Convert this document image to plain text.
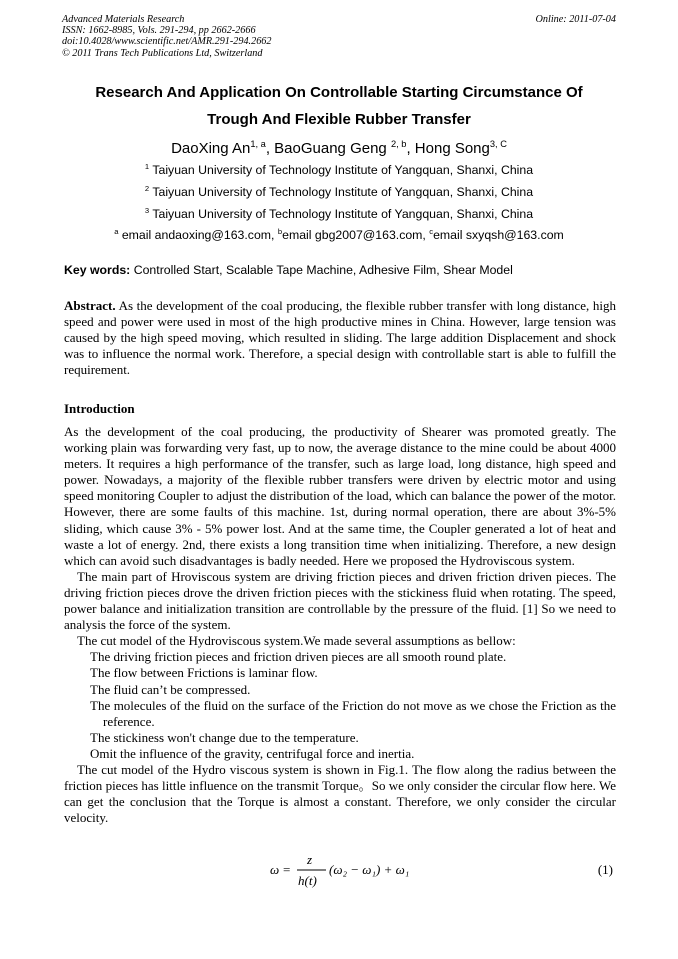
Advanced Materials Research
ISSN: 1662-8985, Vols. 291-294, pp 2662-2666
doi:10.4028/www.scientific.net/AMR.291-294.2662
© 2011 Trans Tech Publications Ltd, Switzerland
Online: 2011-07-04
Research And Application On Controllable Starting Circumstance Of
Trough And Flexible Rubber Transfer
DaoXing An$^{1, a}$, BaoGuang Geng $^{2, b}$, Hong Song$^{3, C}$
$^1$ Taiyuan University of Technology Institute of Yangquan, Shanxi, China
$^2$ Taiyuan University of Technology Institute of Yangquan, Shanxi, China
$^3$ Taiyuan University of Technology Institute of Yangquan, Shanxi, China
$^a$ email andaoxing@163.com, $^b$email gbg2007@163.com, $^c$email sxyqsh@163.com
Key words: Controlled Start, Scalable Tape Machine, Adhesive Film, Shear Model
Abstract. As the development of the coal producing, the flexible rubber transfer with long distance, high speed and power were used in most of the high productive mines in China. However, large tension was caused by the high speed moving, which resulted in sliding. The large addition Displacement and shock was to influence the normal work. Therefore, a special design with controllable start is able to fulfill the requirement.
Introduction

As the development of the coal producing, the productivity of Shearer was promoted greatly. The working plain was forwarding very fast, up to now, the average distance to the mine could be about 4000 meters. It requires a high performance of the transfer, such as large load, long distance, high speed and power. Nowadays, a majority of the flexible rubber transfers were driven by electric motor and using speed monitoring Coupler to adjust the distribution of the load, which can balance the power of the motor. However, there are some faults of this machine. 1st, during normal operation, there are about 3%-5% sliding, which cause 3% - 5% power lost. And at the same time, the Coupler generated a lot of heat and waste a lot of energy. 2nd, there exists a long transition time when initializing. Therefore, a new design which can avoid such disadvantages is badly needed. Here we proposed the Hydroviscous system.

The main part of Hroviscous system are driving friction pieces and driven friction driven pieces. The driving friction pieces drove the driven friction pieces with the stickiness fluid when rotating. The speed, power balance and initialization transition are controllable by the pressure of the fluid. [1] So we need to analysis the force of the system.

The cut model of the Hydroviscous system.We made several assumptions as bellow:

The driving friction pieces and friction driven pieces are all smooth round plate.

The flow between Frictions is laminar flow.

The fluid can’t be compressed.

The molecules of the fluid on the surface of the Friction do not move as we chose the Friction as the reference.

The stickiness won't change due to the temperature.

Omit the influence of the gravity, centrifugal force and inertia.

The cut model of the Hydro viscous system is shown in Fig.1. The flow along the radius between the friction pieces has little influence on the transmit Torque。So we only consider the circular flow here. We can get the conclusion that the Torque is almost a constant. Therefore, we only consider the circular velocity.

ω =
z
h(t)
(ω₂ − ω₁) + ω₁	(1)
